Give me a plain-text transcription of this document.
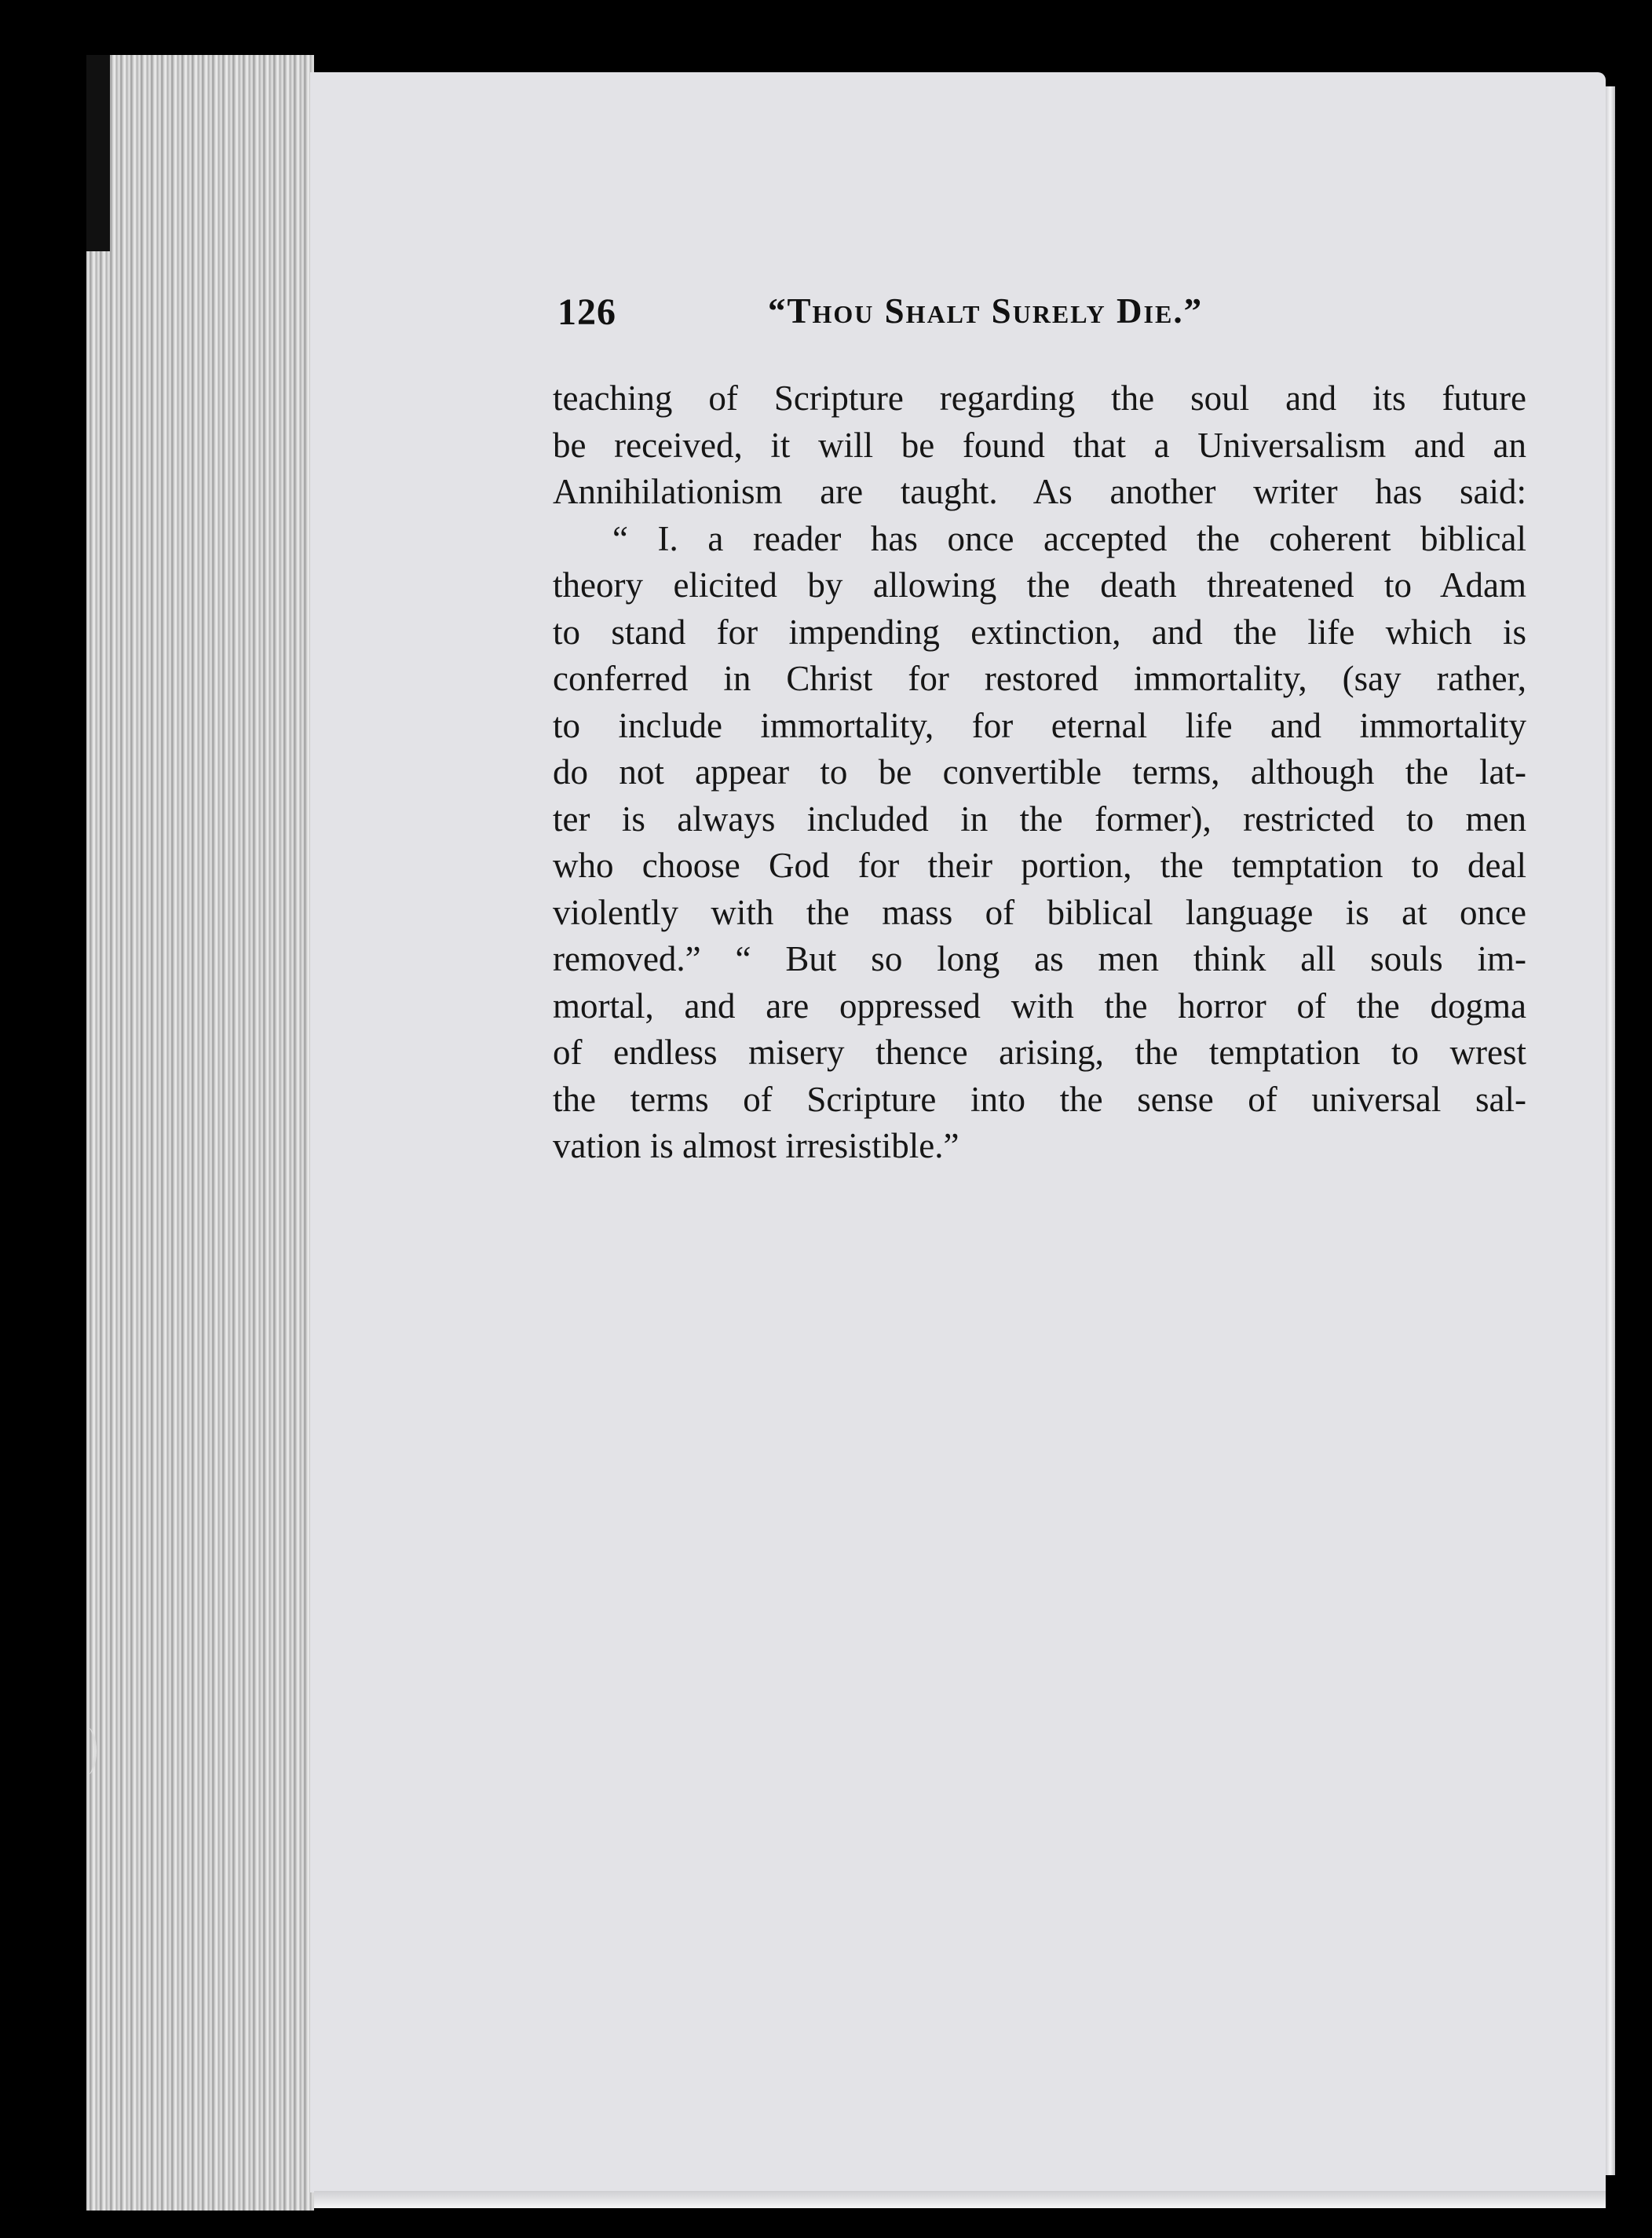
126	“Thou Shalt Surely Die.”
teaching of Scripture regarding the soul and its future
be received, it will be found that a Universalism and an
Annihilationism are taught. As another writer has said:
“ I. a reader has once accepted the coherent biblical
theory elicited by allowing the death threatened to Adam
to stand for impending extinction, and the life which is
conferred in Christ for restored immortality, (say rather,
to include immortality, for eternal life and immortality
do not appear to be convertible terms, although the lat-
ter is always included in the former), restricted to men
who choose God for their portion, the temptation to deal
violently with the mass of biblical language is at once
removed.” “ But so long as men think all souls im-
mortal, and are oppressed with the horror of the dogma
of endless misery thence arising, the temptation to wrest
the terms of Scripture into the sense of universal sal-
vation is almost irresistible.”
